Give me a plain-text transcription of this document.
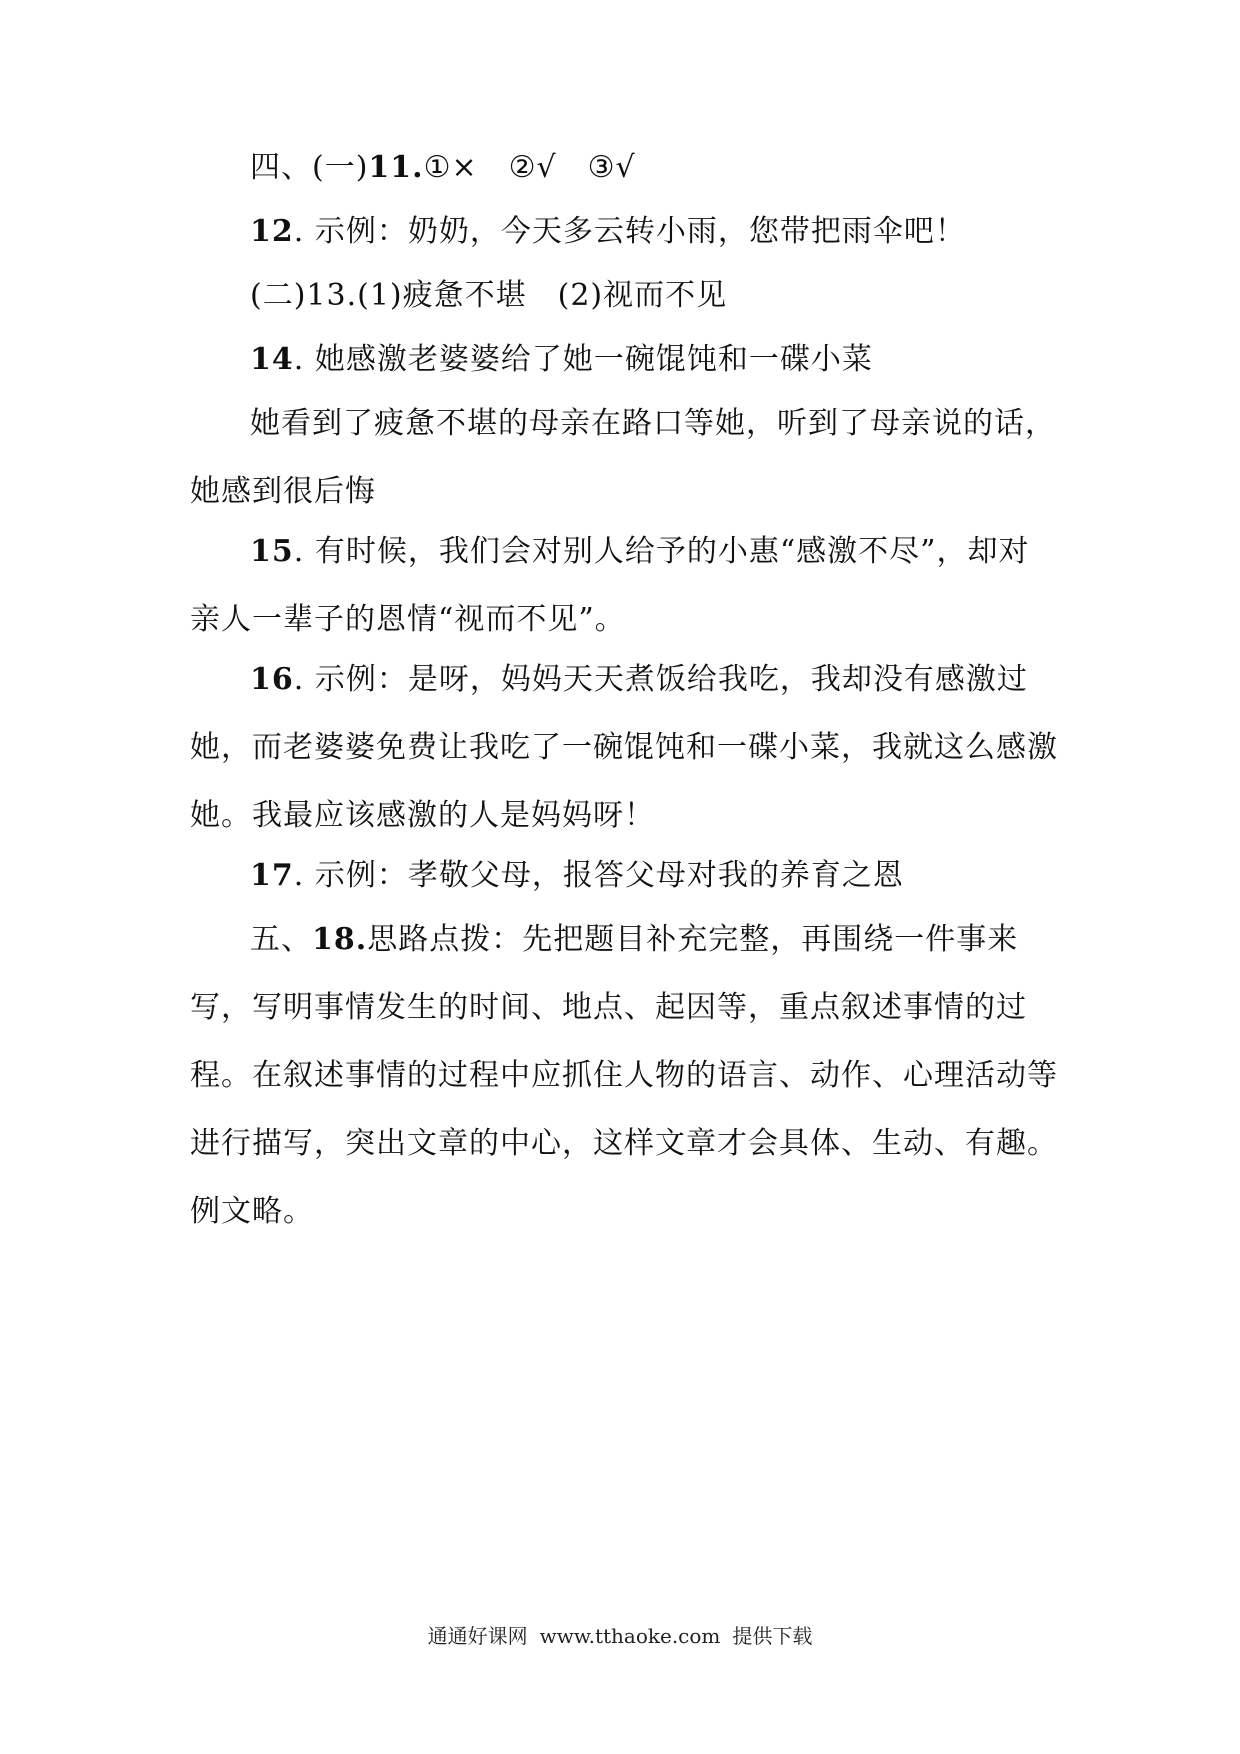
四、(一)11.①×　②√　③√

12. 示例：奶奶，今天多云转小雨，您带把雨伞吧！

(二)13.(1)疲惫不堪　(2)视而不见

14. 她感激老婆婆给了她一碗馄饨和一碟小菜

她看到了疲惫不堪的母亲在路口等她，听到了母亲说的话，她感到很后悔

15. 有时候，我们会对别人给予的小惠“感激不尽”，却对亲人一辈子的恩情“视而不见”。

16. 示例：是呀，妈妈天天煮饭给我吃，我却没有感激过她，而老婆婆免费让我吃了一碗馄饨和一碟小菜，我就这么感激她。我最应该感激的人是妈妈呀！

17. 示例：孝敬父母，报答父母对我的养育之恩

五、18.思路点拨：先把题目补充完整，再围绕一件事来写，写明事情发生的时间、地点、起因等，重点叙述事情的过程。在叙述事情的过程中应抓住人物的语言、动作、心理活动等进行描写，突出文章的中心，这样文章才会具体、生动、有趣。　例文略。

通通好课网 www.tthaoke.com 提供下载
